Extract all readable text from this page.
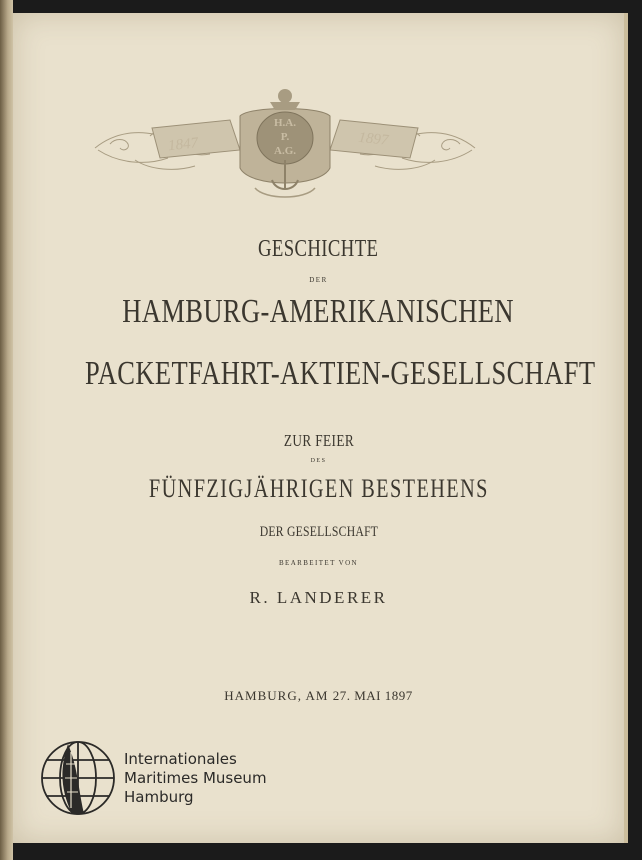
1847	1897
H.A.
P.
A.G.
GESCHICHTE
DER
HAMBURG-AMERIKANISCHEN
PACKETFAHRT-AKTIEN-GESELLSCHAFT
ZUR FEIER
DES
FÜNFZIGJÄHRIGEN BESTEHENS
DER GESELLSCHAFT
BEARBEITET VON
R. LANDERER
HAMBURG, AM 27. MAI 1897
Internationales
Maritimes Museum
Hamburg
